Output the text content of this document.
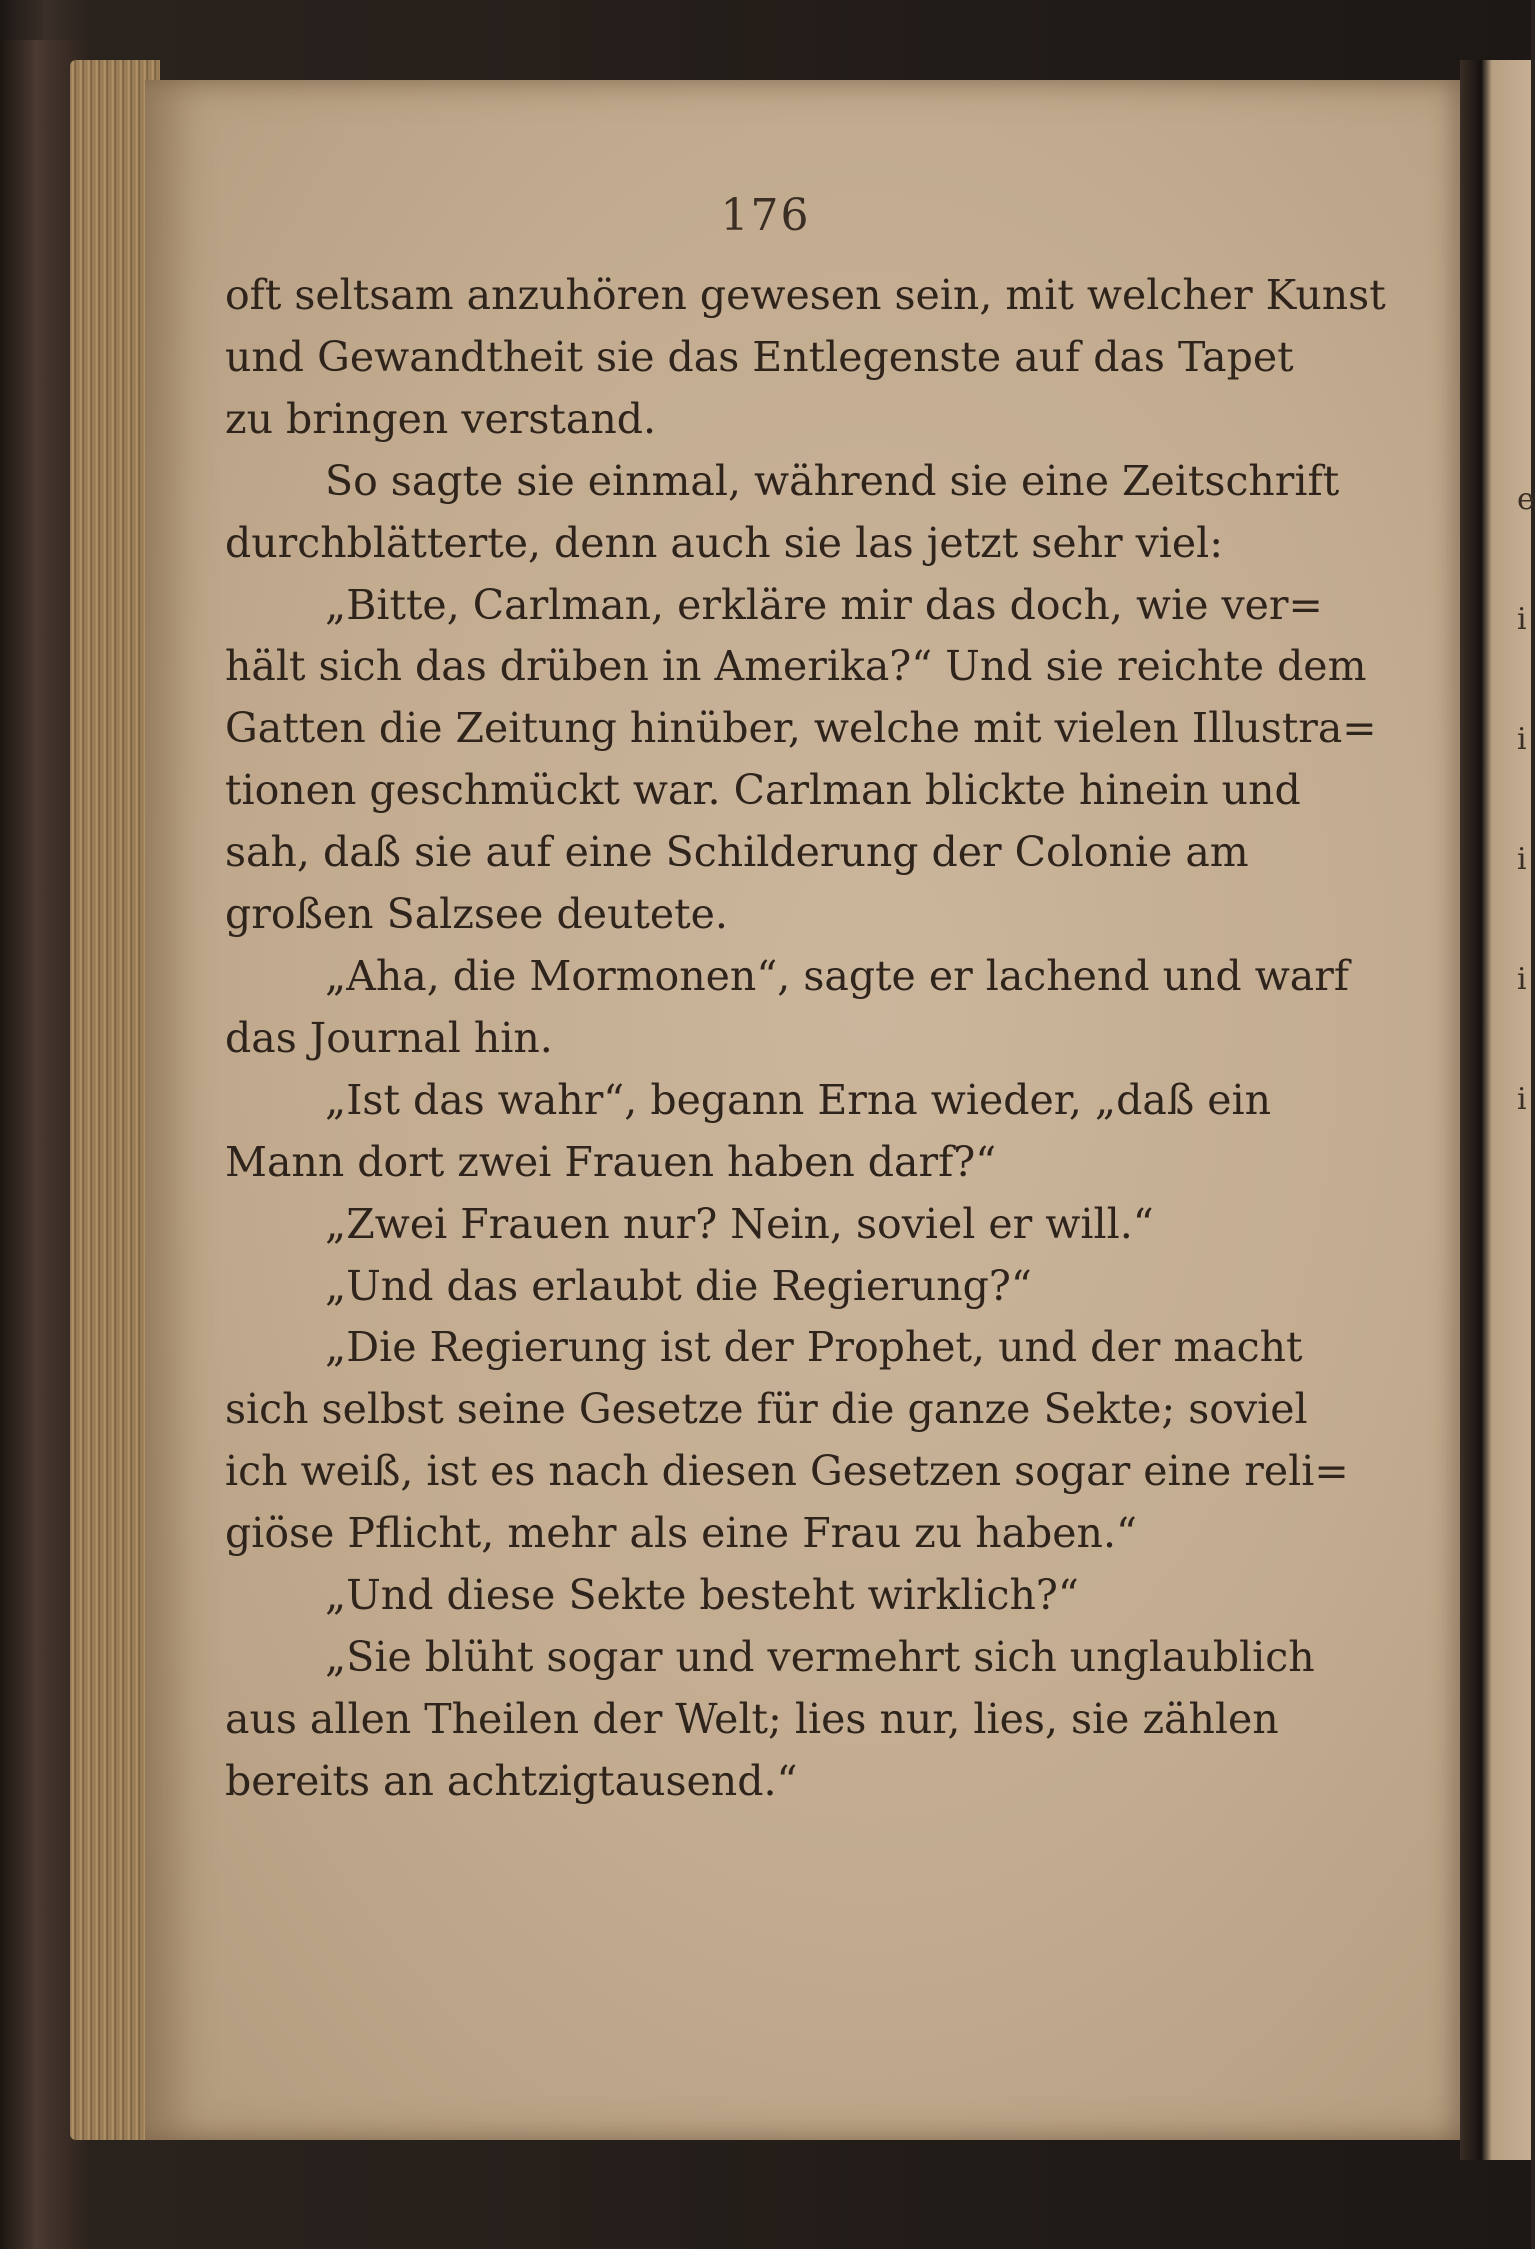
e
i
i
i
i
i
176
oft seltsam anzuhören gewesen sein, mit welcher Kunst
und Gewandtheit sie das Entlegenste auf das Tapet
zu bringen verstand.
So sagte sie einmal, während sie eine Zeitschrift
durchblätterte, denn auch sie las jetzt sehr viel:
„Bitte, Carlman, erkläre mir das doch, wie ver=
hält sich das drüben in Amerika?“ Und sie reichte dem
Gatten die Zeitung hinüber, welche mit vielen Illustra=
tionen geschmückt war. Carlman blickte hinein und
sah, daß sie auf eine Schilderung der Colonie am
großen Salzsee deutete.
„Aha, die Mormonen“, sagte er lachend und warf
das Journal hin.
„Ist das wahr“, begann Erna wieder, „daß ein
Mann dort zwei Frauen haben darf?“
„Zwei Frauen nur? Nein, soviel er will.“
„Und das erlaubt die Regierung?“
„Die Regierung ist der Prophet, und der macht
sich selbst seine Gesetze für die ganze Sekte; soviel
ich weiß, ist es nach diesen Gesetzen sogar eine reli=
giöse Pflicht, mehr als eine Frau zu haben.“
„Und diese Sekte besteht wirklich?“
„Sie blüht sogar und vermehrt sich unglaublich
aus allen Theilen der Welt; lies nur, lies, sie zählen
bereits an achtzigtausend.“
